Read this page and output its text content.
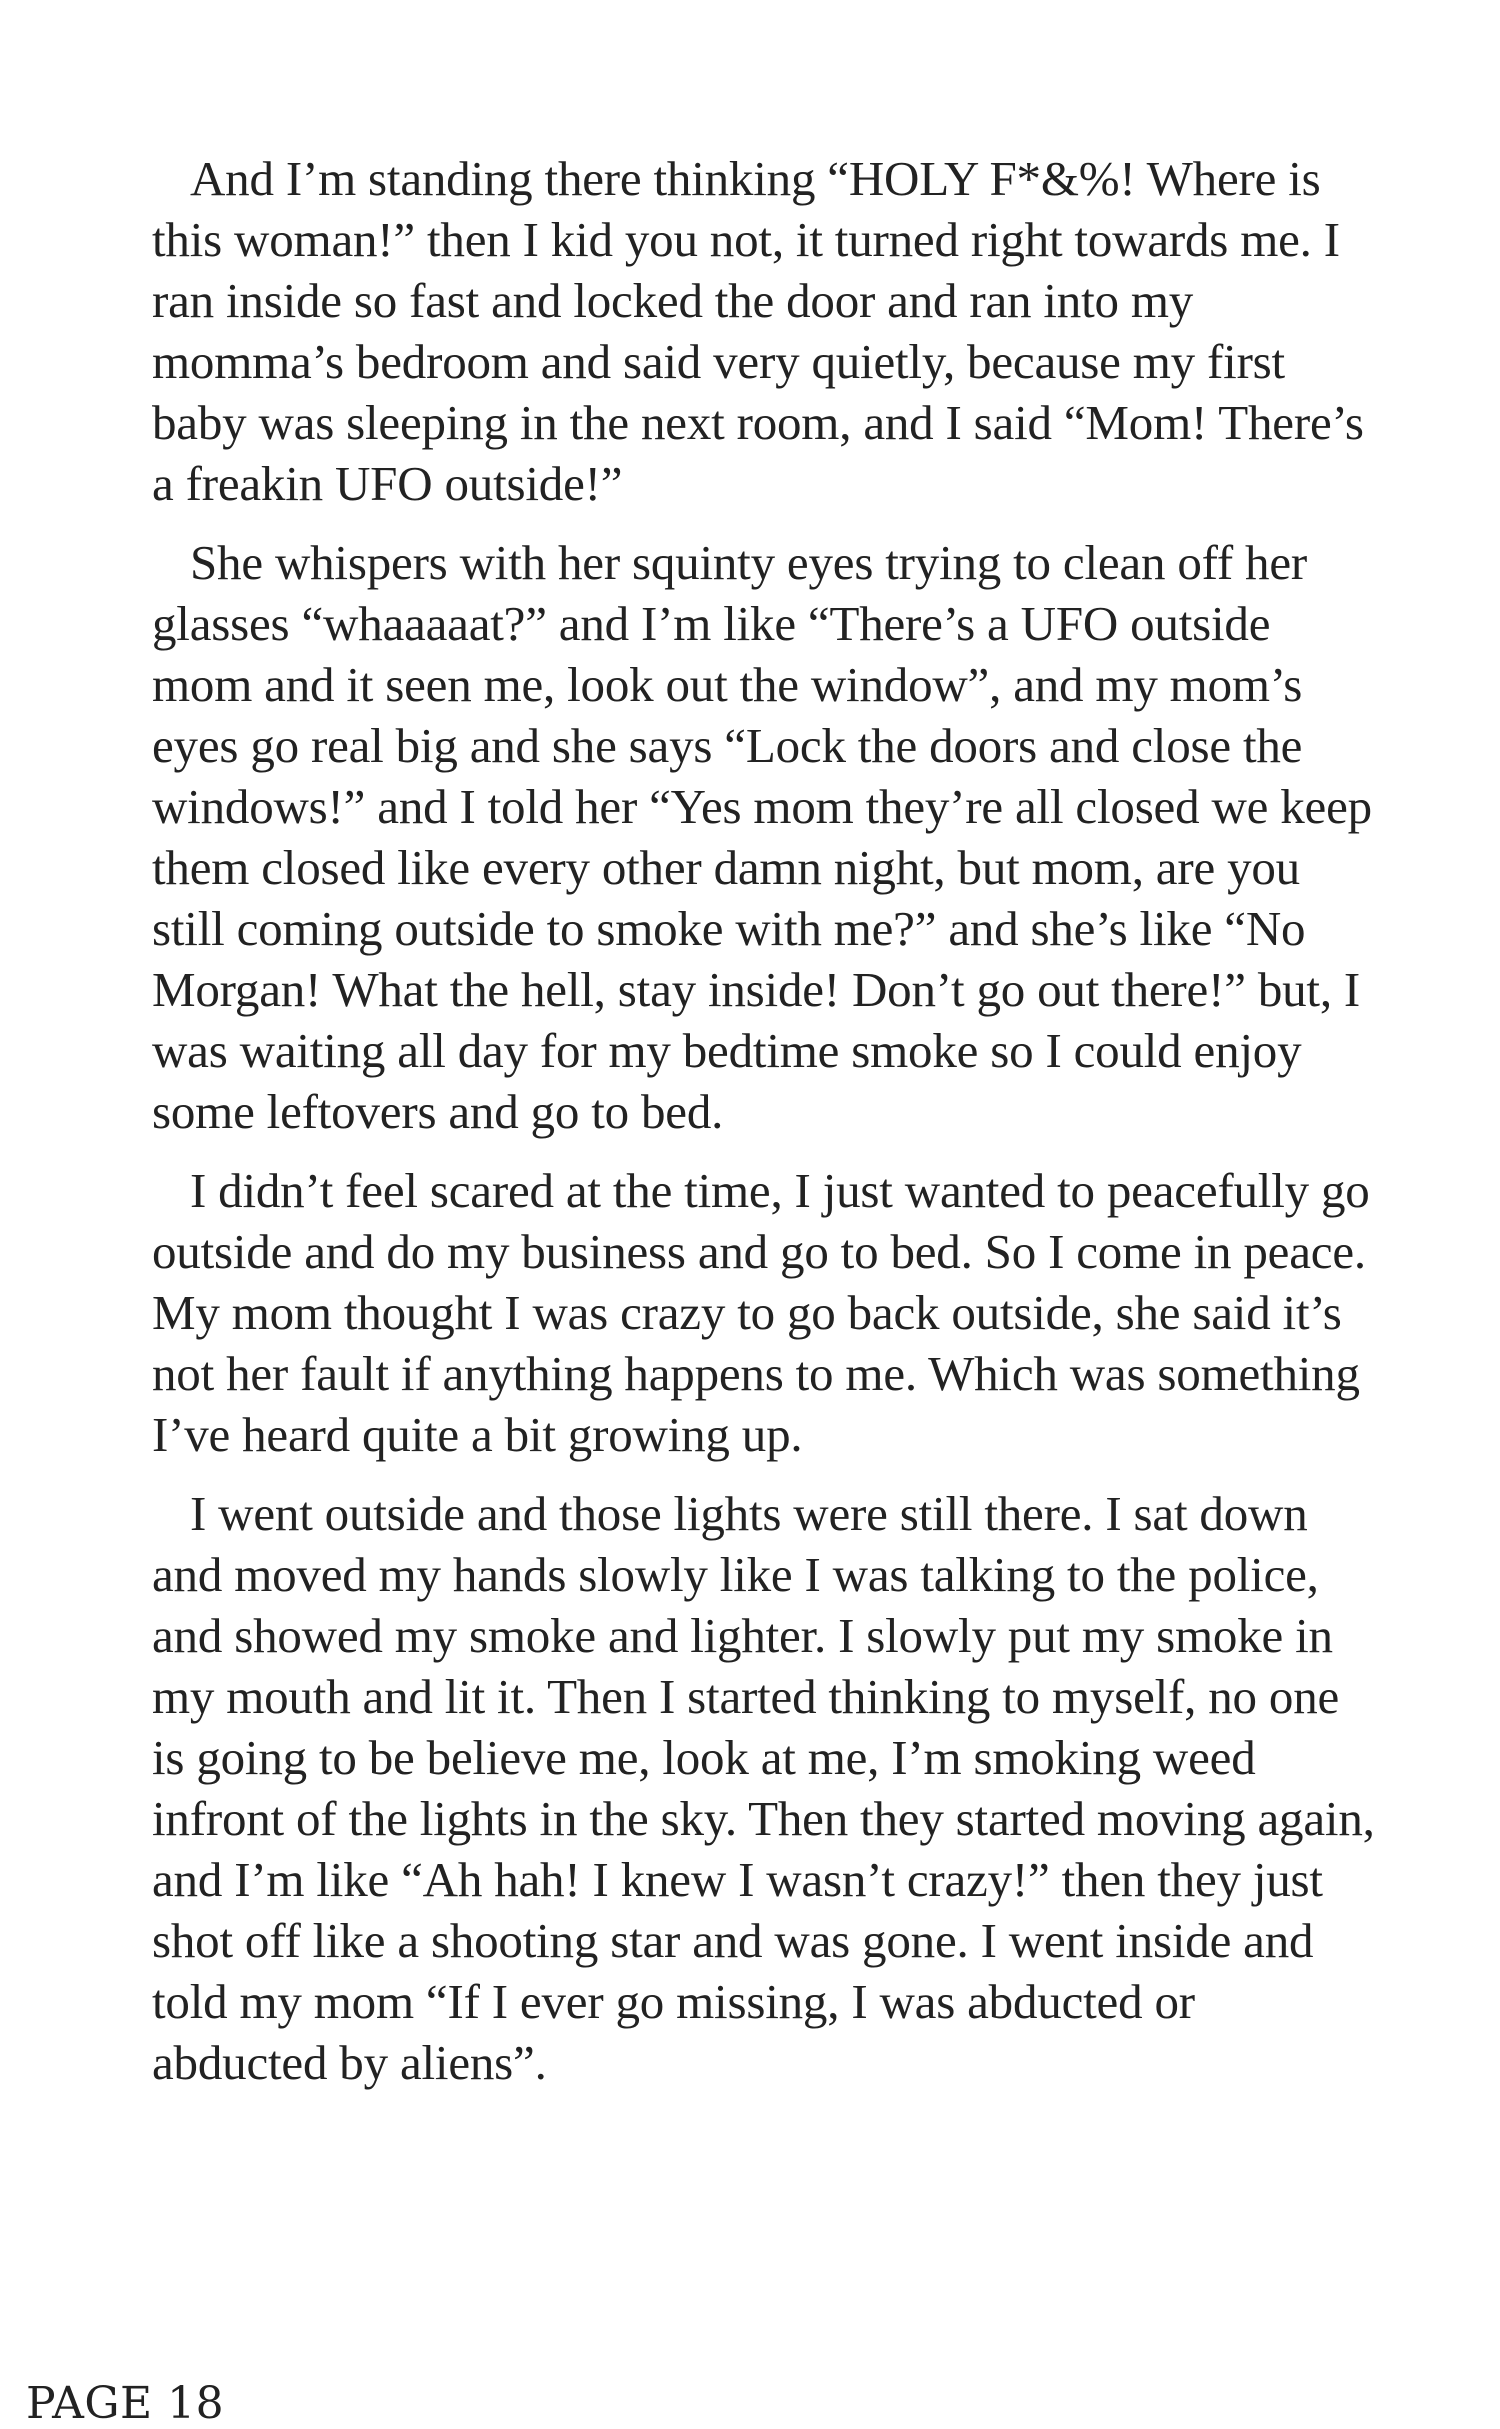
And I’m standing there thinking “HOLY F*&%! Where is this woman!” then I kid you not, it turned right towards me. I ran inside so fast and locked the door and ran into my momma’s bedroom and said very quietly, because my first baby was sleeping in the next room, and I said “Mom! There’s a freakin UFO outside!”

She whispers with her squinty eyes trying to clean off her glasses “whaaaaat?” and I’m like “There’s a UFO outside mom and it seen me, look out the window”, and my mom’s eyes go real big and she says “Lock the doors and close the windows!” and I told her “Yes mom they’re all closed we keep them closed like every other damn night, but mom, are you still coming outside to smoke with me?” and she’s like “No Morgan! What the hell, stay inside! Don’t go out there!” but, I was waiting all day for my bedtime smoke so I could enjoy some leftovers and go to bed.

I didn’t feel scared at the time, I just wanted to peacefully go outside and do my business and go to bed. So I come in peace. My mom thought I was crazy to go back outside, she said it’s not her fault if anything happens to me. Which was something I’ve heard quite a bit growing up.

I went outside and those lights were still there. I sat down and moved my hands slowly like I was talking to the police, and showed my smoke and lighter. I slowly put my smoke in my mouth and lit it. Then I started thinking to myself, no one is going to be believe me, look at me, I’m smoking weed infront of the lights in the sky. Then they started moving again, and I’m like “Ah hah! I knew I wasn’t crazy!” then they just shot off like a shooting star and was gone. I went inside and told my mom “If I ever go missing, I was abducted or abducted by aliens”.

PAGE 18
